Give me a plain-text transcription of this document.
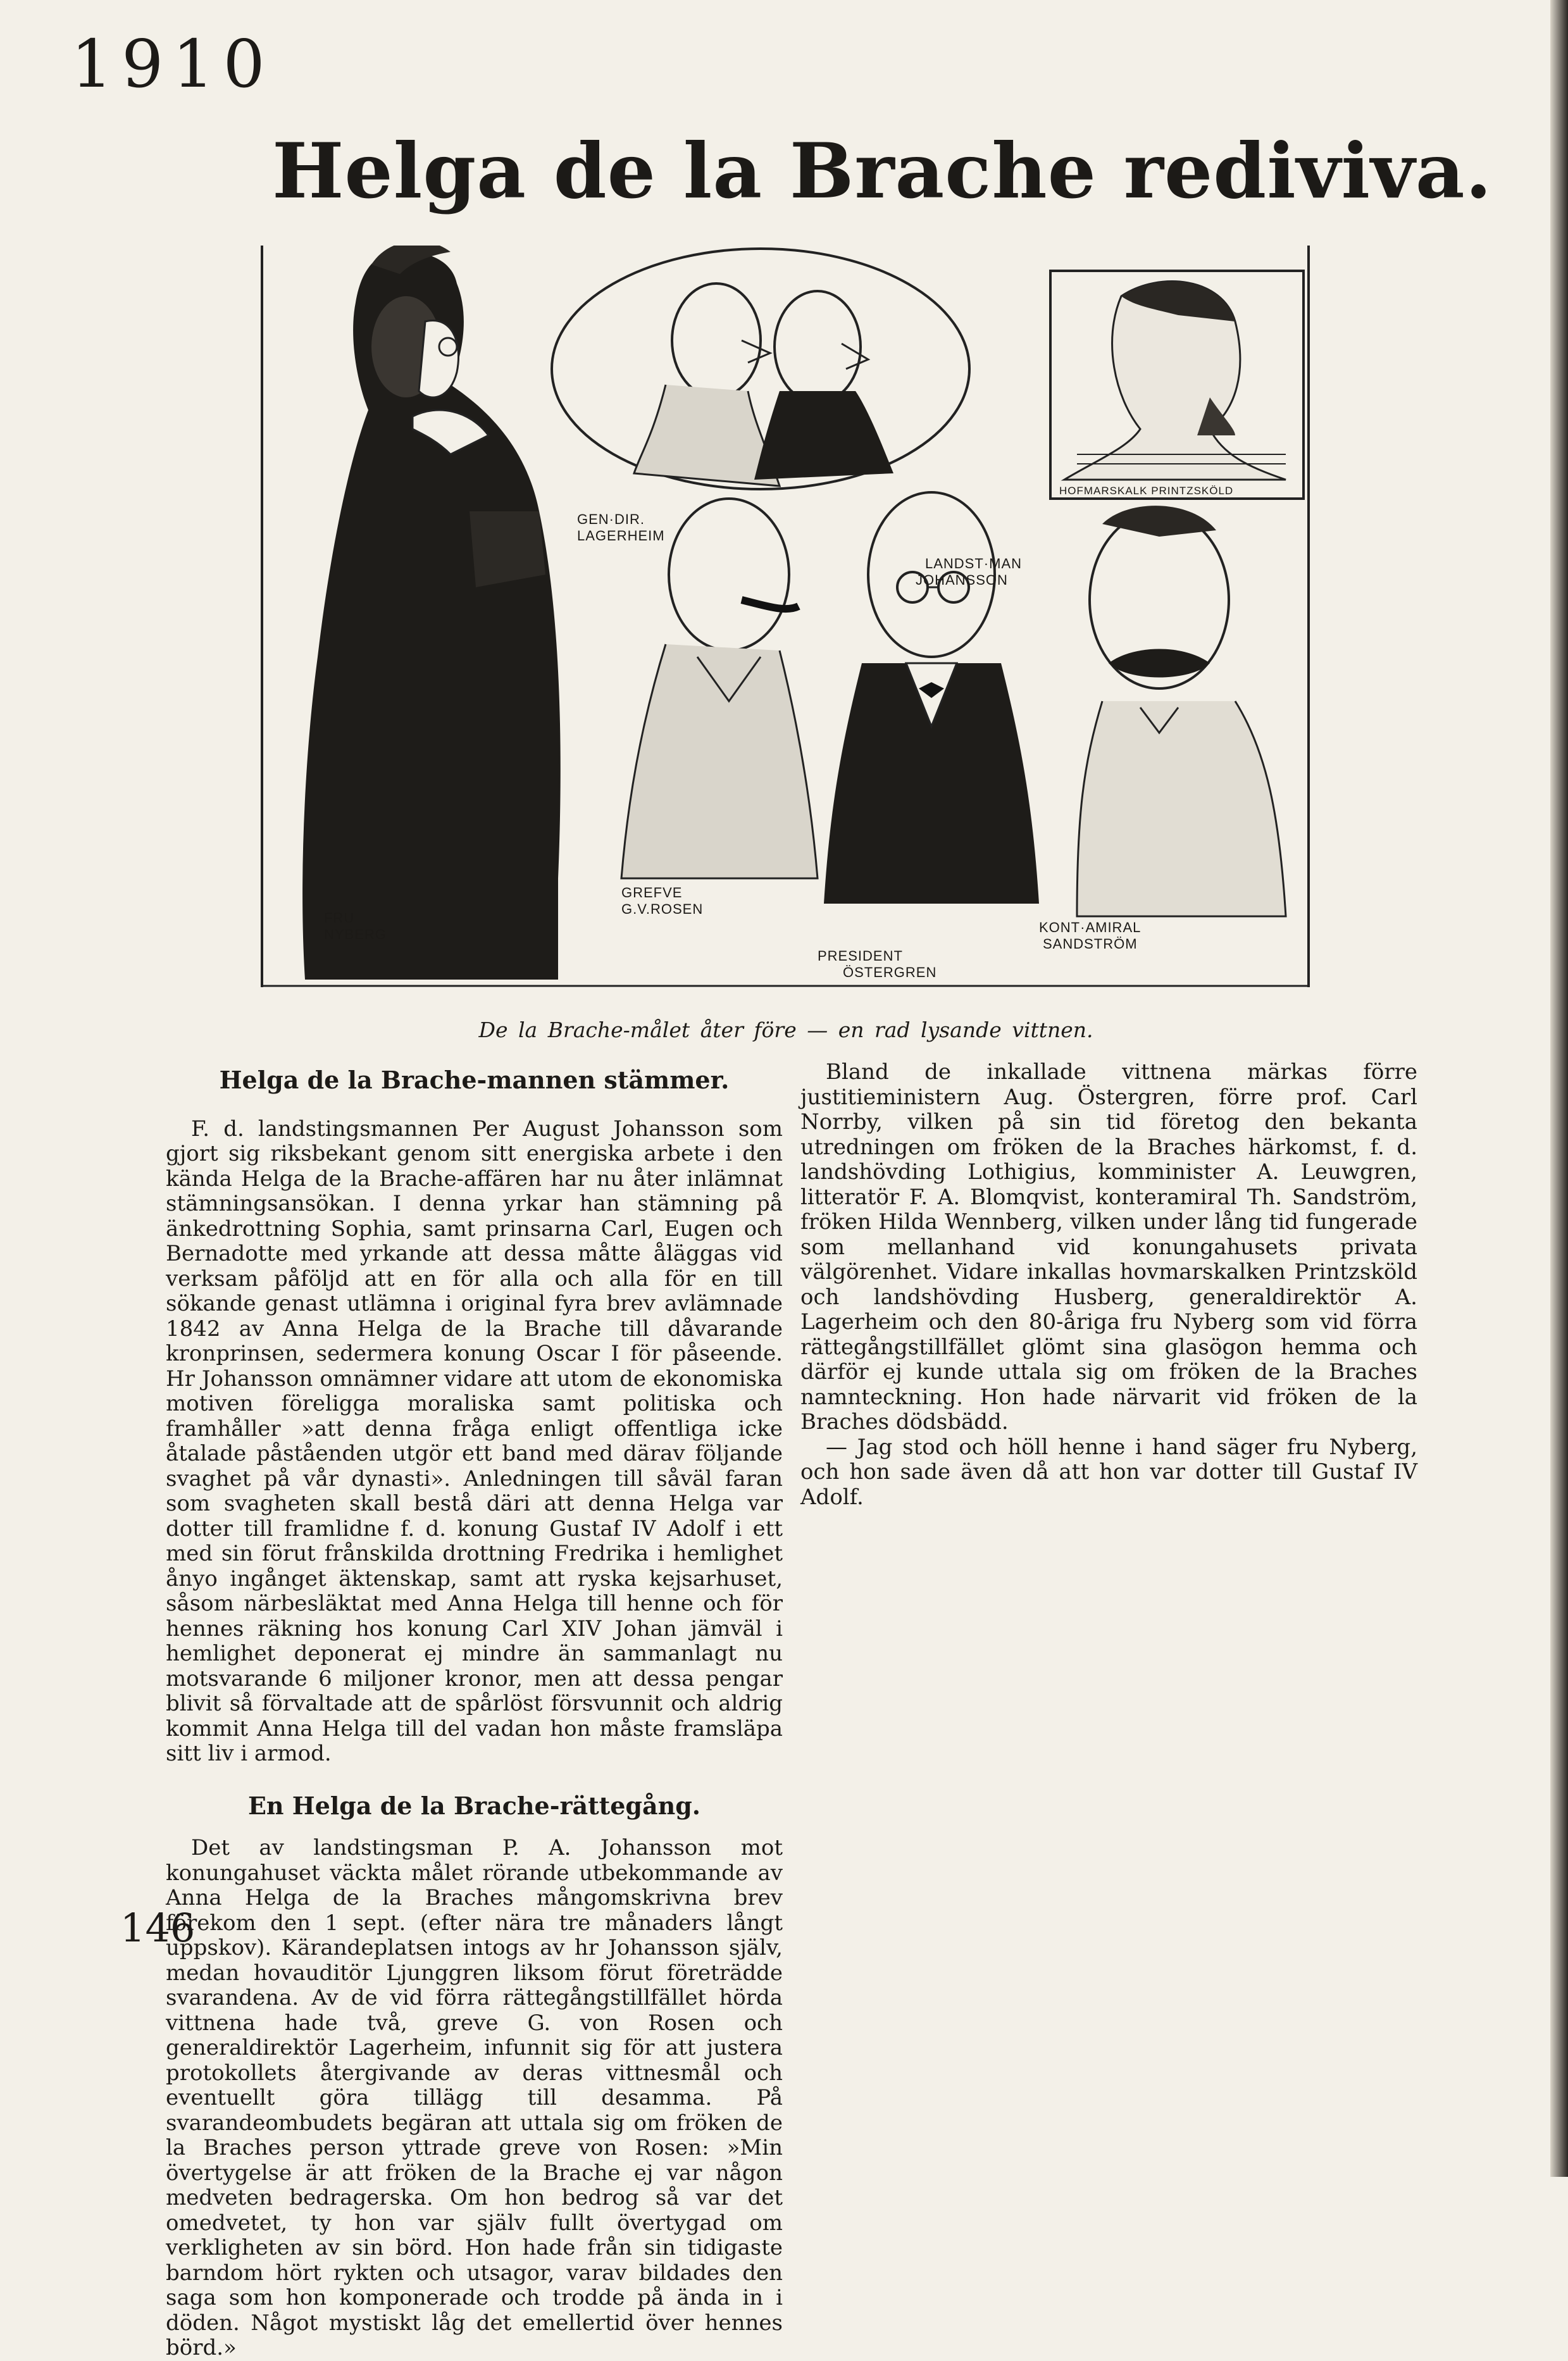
1910
Helga de la Brache rediviva.
GEN·DIR.
LAGERHEIM
LANDST·MAN
JOHANSSON
HOFMARSKALK PRINTZSKÖLD
FRU
NYBERG
GREFVE
G.V.ROSEN
PRESIDENT
ÖSTERGREN
KONT·AMIRAL
SANDSTRÖM
De la Brache-målet åter före — en rad lysande vittnen.
Helga de la Brache-mannen stämmer.

F. d. landstingsmannen Per August Johansson som gjort sig riksbekant genom sitt energiska arbete i den kända Helga de la Brache-affären har nu åter inlämnat stämningsansökan. I denna yrkar han stämning på änkedrottning Sophia, samt prinsarna Carl, Eugen och Bernadotte med yrkande att dessa måtte åläggas vid verksam påföljd att en för alla och alla för en till sökande genast utlämna i original fyra brev avlämnade 1842 av Anna Helga de la Brache till dåvarande kronprinsen, sedermera konung Oscar I för påseende. Hr Johansson omnämner vidare att utom de ekonomiska motiven föreligga moraliska samt politiska och framhåller »att denna fråga enligt offentliga icke åtalade påståenden utgör ett band med därav följande svaghet på vår dynasti». Anledningen till såväl faran som svagheten skall bestå däri att denna Helga var dotter till framlidne f. d. konung Gustaf IV Adolf i ett med sin förut frånskilda drottning Fredrika i hemlighet ånyo ingånget äktenskap, samt att ryska kejsarhuset, såsom närbesläktat med Anna Helga till henne och för hennes räkning hos konung Carl XIV Johan jämväl i hemlighet deponerat ej mindre än sammanlagt nu motsvarande 6 miljoner kronor, men att dessa pengar blivit så förvaltade att de spårlöst försvunnit och aldrig kommit Anna Helga till del vadan hon måste framsläpa sitt liv i armod.

En Helga de la Brache-rättegång.

Det av landstingsman P. A. Johansson mot konungahuset väckta målet rörande utbekommande av Anna Helga de la Braches mångomskrivna brev förekom den 1 sept. (efter nära tre månaders långt uppskov). Kärandeplatsen intogs av hr Johansson själv, medan hovauditör Ljunggren liksom förut företrädde svarandena. Av de vid förra rättegångstillfället hörda vittnena hade två, greve G. von Rosen och generaldirektör Lagerheim, infunnit sig för att justera protokollets återgivande av deras vittnesmål och eventuellt göra tillägg till desamma. På svarandeombudets begäran att uttala sig om fröken de la Braches person yttrade greve von Rosen: »Min övertygelse är att fröken de la Brache ej var någon medveten bedragerska. Om hon bedrog så var det omedvetet, ty hon var själv fullt övertygad om verkligheten av sin börd. Hon hade från sin tidigaste barndom hört rykten och utsagor, varav bildades den saga som hon komponerade och trodde på ända in i döden. Något mystiskt låg det emellertid över hennes börd.»

Bland de inkallade vittnena märkas förre justitieministern Aug. Östergren, förre prof. Carl Norrby, vilken på sin tid företog den bekanta utredningen om fröken de la Braches härkomst, f. d. landshövding Lothigius, komminister A. Leuwgren, litteratör F. A. Blomqvist, konteramiral Th. Sandström, fröken Hilda Wennberg, vilken under lång tid fungerade som mellanhand vid konungahusets privata välgörenhet. Vidare inkallas hovmarskalken Printzsköld och landshövding Husberg, generaldirektör A. Lagerheim och den 80-åriga fru Nyberg som vid förra rättegångstillfället glömt sina glasögon hemma och därför ej kunde uttala sig om fröken de la Braches namnteckning. Hon hade närvarit vid fröken de la Braches dödsbädd.

— Jag stod och höll henne i hand säger fru Nyberg, och hon sade även då att hon var dotter till Gustaf IV Adolf.

146
